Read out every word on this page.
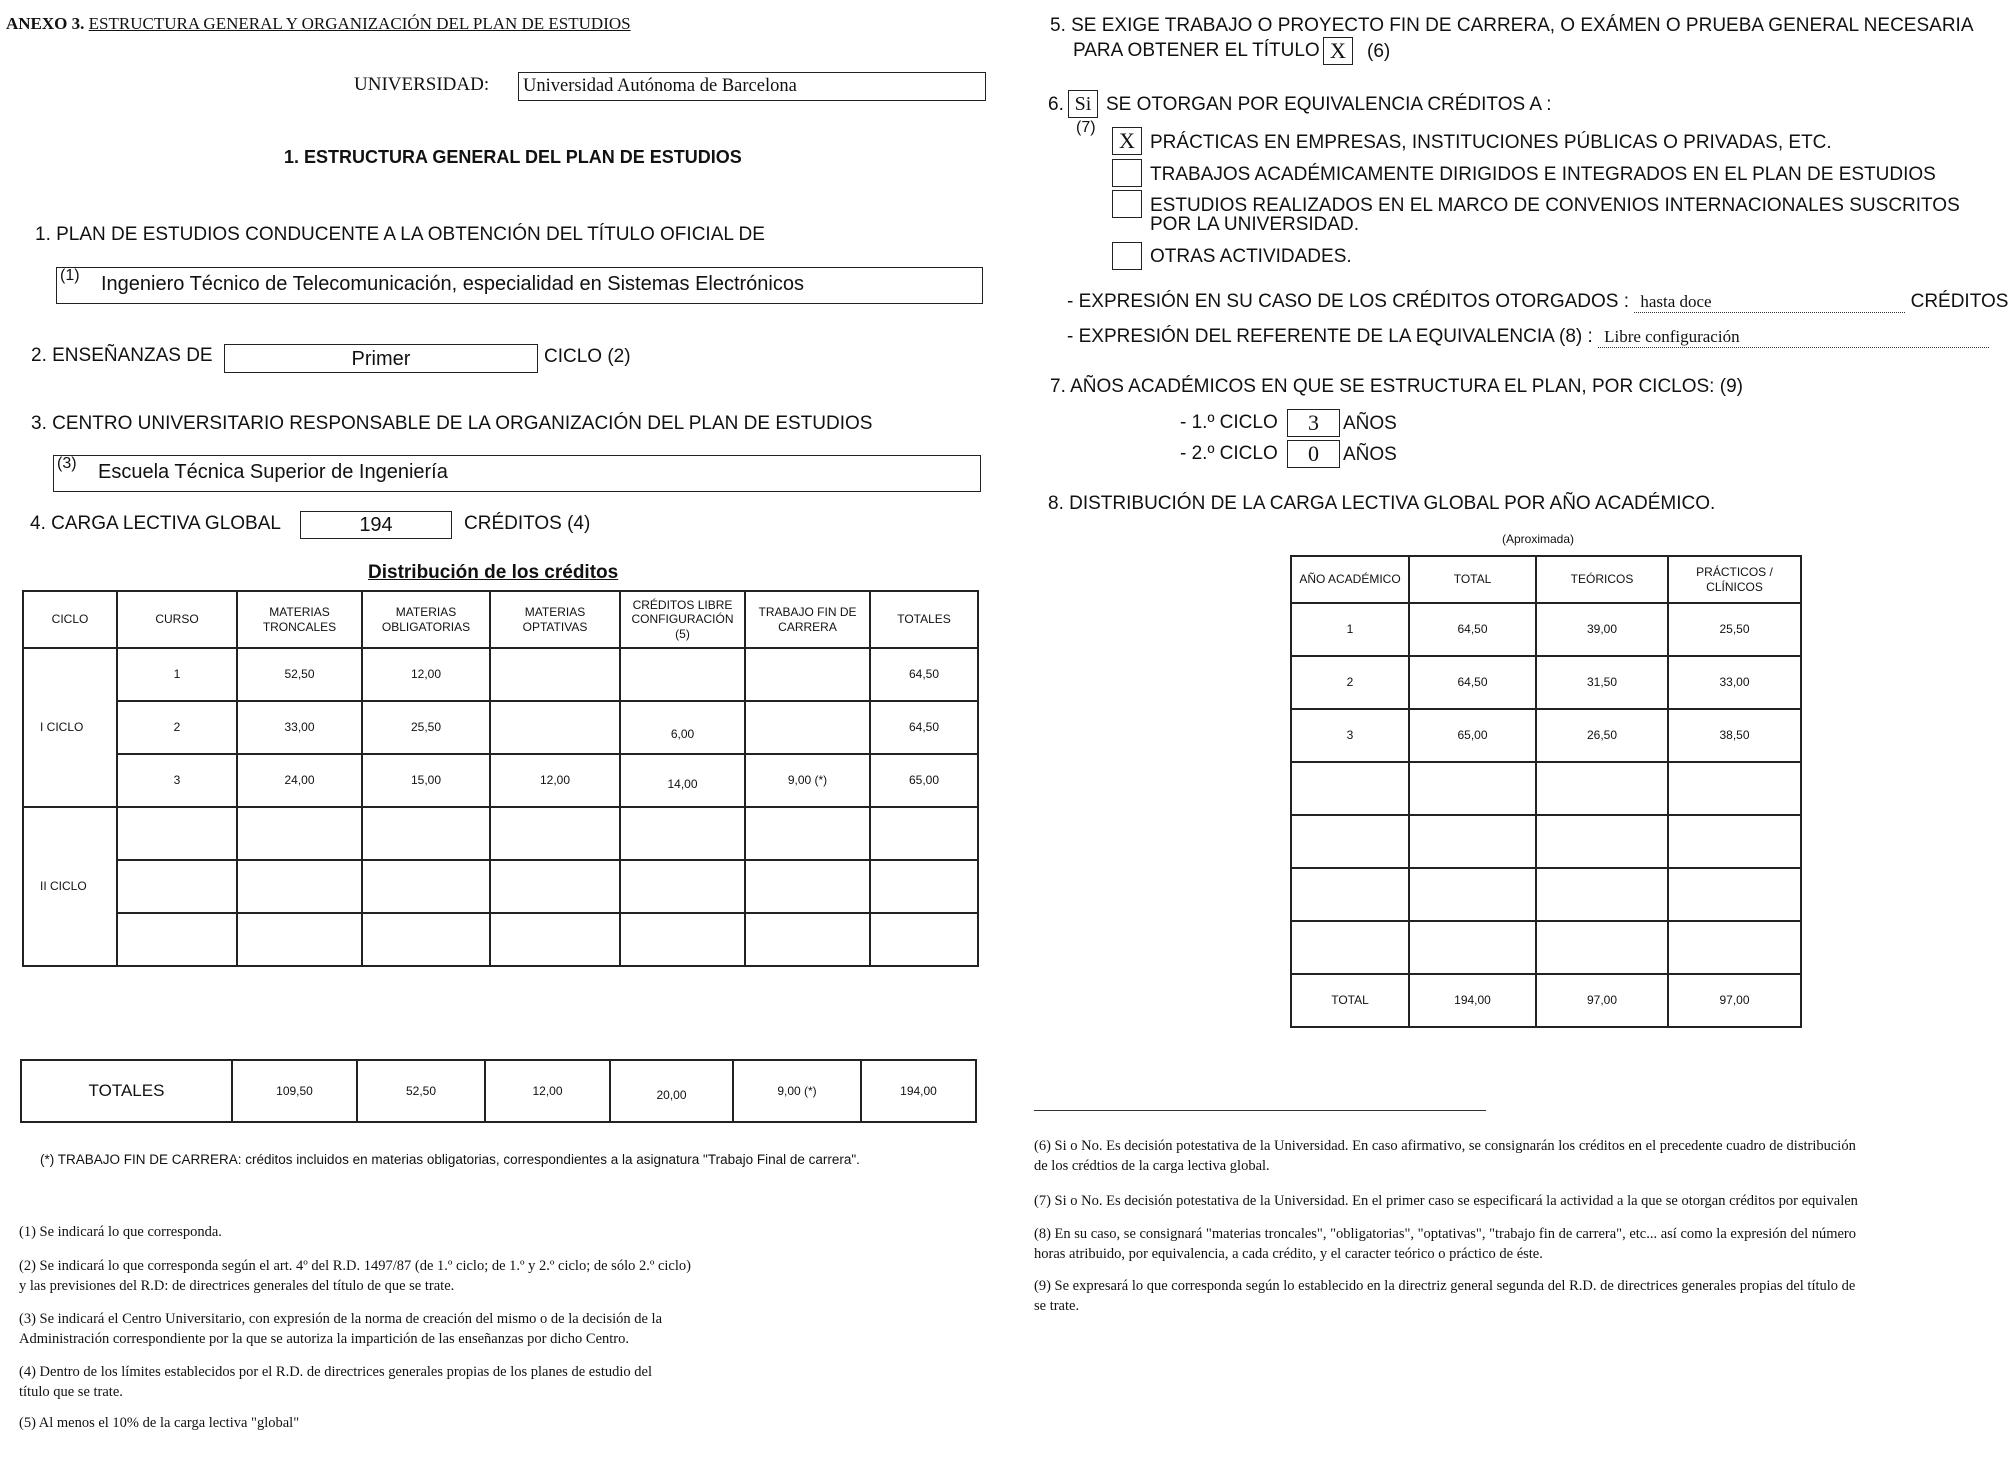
ANEXO 3. ESTRUCTURA GENERAL Y ORGANIZACIÓN DEL PLAN DE ESTUDIOS
UNIVERSIDAD: Universidad Autónoma de Barcelona
1. ESTRUCTURA GENERAL DEL PLAN DE ESTUDIOS
1. PLAN DE ESTUDIOS CONDUCENTE A LA OBTENCIÓN DEL TÍTULO OFICIAL DE
(1) Ingeniero Técnico de Telecomunicación, especialidad en Sistemas Electrónicos
2. ENSEÑANZAS DE	Primer	CICLO (2)
3. CENTRO UNIVERSITARIO RESPONSABLE DE LA ORGANIZACIÓN DEL PLAN DE ESTUDIOS
(3) Escuela Técnica Superior de Ingeniería
4. CARGA LECTIVA GLOBAL	194	CRÉDITOS (4)
Distribución de los créditos
CICLO	CURSO	MATERIAS TRONCALES	MATERIAS OBLIGATORIAS	MATERIAS OPTATIVAS	CRÉDITOS LIBRE CONFIGURACIÓN (5)	TRABAJO FIN DE CARRERA	TOTALES
I CICLO	1	52,50	12,00				64,50
	2	33,00	25,50		6,00		64,50
	3	24,00	15,00	12,00	14,00	9,00 (*)	65,00
II CICLO							

TOTALES	109,50	52,50	12,00	20,00	9,00 (*)	194,00
(*) TRABAJO FIN DE CARRERA: créditos incluidos en materias obligatorias, correspondientes a la asignatura "Trabajo Final de carrera".
(1) Se indicará lo que corresponda.
(2) Se indicará lo que corresponda según el art. 4º del R.D. 1497/87 (de 1.º ciclo; de 1.º y 2.º ciclo; de sólo 2.º ciclo)
y las previsiones del R.D: de directrices generales del título de que se trate.
(3) Se indicará el Centro Universitario, con expresión de la norma de creación del mismo o de la decisión de la
Administración correspondiente por la que se autoriza la impartición de las enseñanzas por dicho Centro.
(4) Dentro de los límites establecidos por el R.D. de directrices generales propias de los planes de estudio del
título que se trate.
(5) Al menos el 10% de la carga lectiva "global"
5. SE EXIGE TRABAJO O PROYECTO FIN DE CARRERA, O EXÁMEN O PRUEBA GENERAL NECESARIA
PARA OBTENER EL TÍTULO X	(6)
6. Si SE OTORGAN POR EQUIVALENCIA CRÉDITOS A :
(7)
X PRÁCTICAS EN EMPRESAS, INSTITUCIONES PÚBLICAS O PRIVADAS, ETC.
TRABAJOS ACADÉMICAMENTE DIRIGIDOS E INTEGRADOS EN EL PLAN DE ESTUDIOS
ESTUDIOS REALIZADOS EN EL MARCO DE CONVENIOS INTERNACIONALES SUSCRITOS
POR LA UNIVERSIDAD.
OTRAS ACTIVIDADES.
- EXPRESIÓN EN SU CASO DE LOS CRÉDITOS OTORGADOS : hasta doce	CRÉDITOS
- EXPRESIÓN DEL REFERENTE DE LA EQUIVALENCIA (8) : Libre configuración
7. AÑOS ACADÉMICOS EN QUE SE ESTRUCTURA EL PLAN, POR CICLOS: (9)
- 1.º CICLO	3	AÑOS
- 2.º CICLO	0	AÑOS
8. DISTRIBUCIÓN DE LA CARGA LECTIVA GLOBAL POR AÑO ACADÉMICO.
(Aproximada)
AÑO ACADÉMICO	TOTAL	TEÓRICOS	PRÁCTICOS / CLÍNICOS
1	64,50	39,00	25,50
2	64,50	31,50	33,00
3	65,00	26,50	38,50

TOTAL	194,00	97,00	97,00
(6) Si o No. Es decisión potestativa de la Universidad. En caso afirmativo, se consignarán los créditos en el precedente cuadro de distribución
de los crédtios de la carga lectiva global.
(7) Si o No. Es decisión potestativa de la Universidad. En el primer caso se especificará la actividad a la que se otorgan créditos por equivalen
(8) En su caso, se consignará "materias troncales", "obligatorias", "optativas", "trabajo fin de carrera", etc... así como la expresión del número
horas atribuido, por equivalencia, a cada crédito, y el caracter teórico o práctico de éste.
(9) Se expresará lo que corresponda según lo establecido en la directriz general segunda del R.D. de directrices generales propias del título de
se trate.
